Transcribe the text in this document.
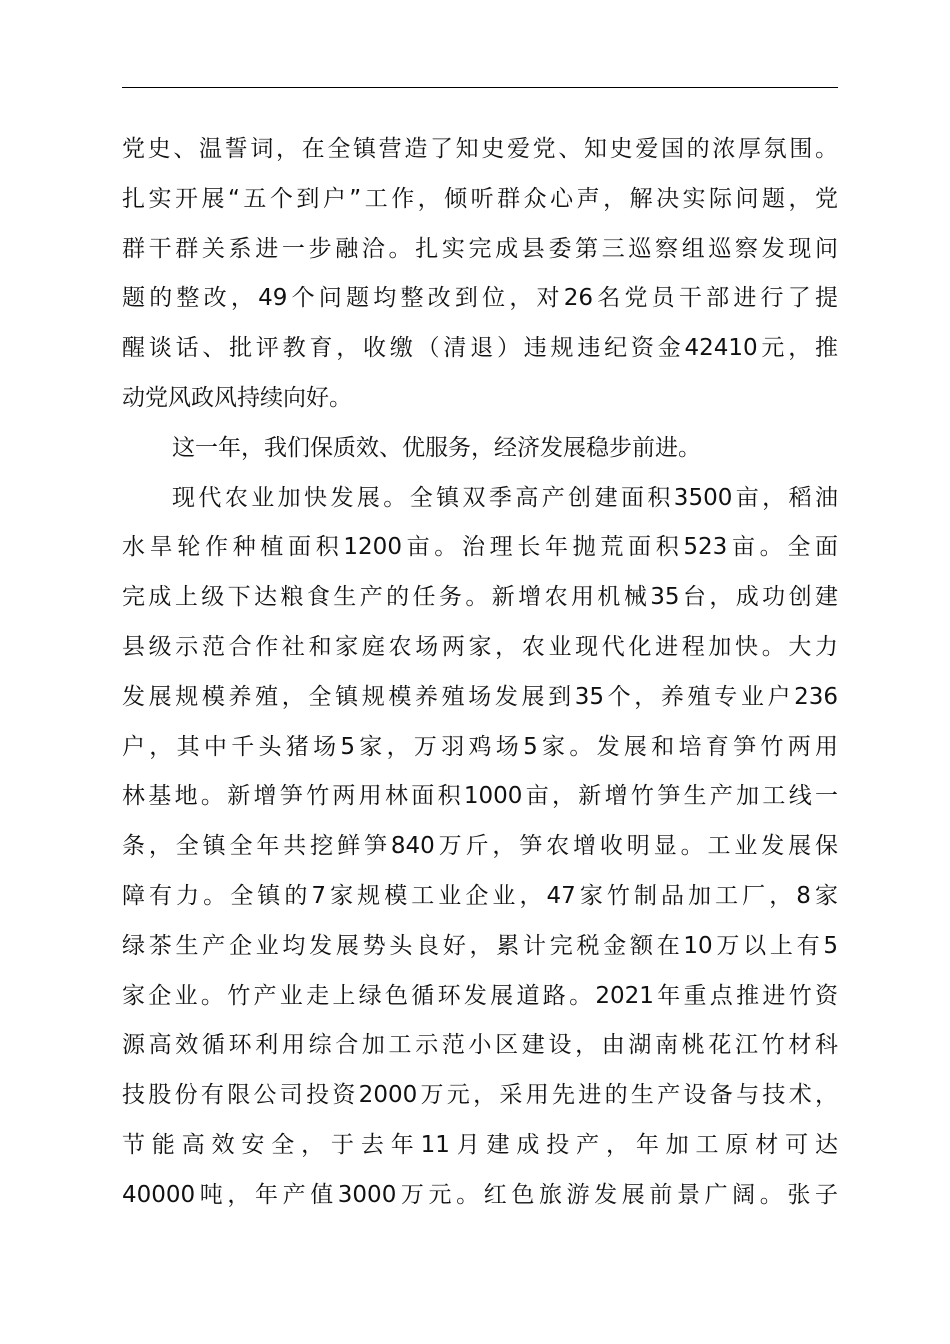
党史、温誓词，在全镇营造了知史爱党、知史爱国的浓厚氛围。
扎实开展“五个到户”工作，倾听群众心声，解决实际问题，党
群干群关系进一步融洽。扎实完成县委第三巡察组巡察发现问
题的整改，49个问题均整改到位，对26名党员干部进行了提
醒谈话、批评教育，收缴（清退）违规违纪资金42410元，推
动党风政风持续向好。
这一年，我们保质效、优服务，经济发展稳步前进。
现代农业加快发展。全镇双季高产创建面积3500亩，稻油
水旱轮作种植面积1200亩。治理长年抛荒面积523亩。全面
完成上级下达粮食生产的任务。新增农用机械35台，成功创建
县级示范合作社和家庭农场两家，农业现代化进程加快。大力
发展规模养殖，全镇规模养殖场发展到35个，养殖专业户236
户，其中千头猪场5家，万羽鸡场5家。发展和培育笋竹两用
林基地。新增笋竹两用林面积1000亩，新增竹笋生产加工线一
条，全镇全年共挖鲜笋840万斤，笋农增收明显。工业发展保
障有力。全镇的7家规模工业企业，47家竹制品加工厂，8家
绿茶生产企业均发展势头良好，累计完税金额在10万以上有5
家企业。竹产业走上绿色循环发展道路。2021年重点推进竹资
源高效循环利用综合加工示范小区建设，由湖南桃花江竹材科
技股份有限公司投资2000万元，采用先进的生产设备与技术，
节能高效安全，于去年11月建成投产，年加工原材可达
40000吨，年产值3000万元。红色旅游发展前景广阔。张子
